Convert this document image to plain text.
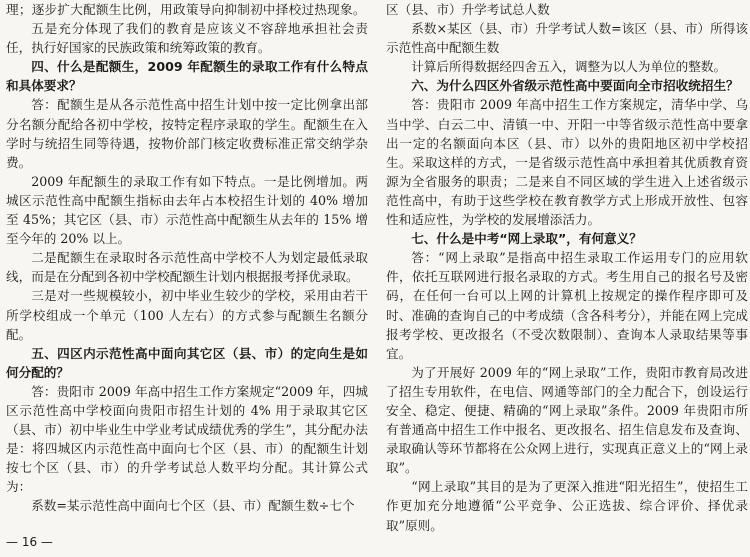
理；逐步扩大配额生比例，用政策导向抑制初中择校过热现象。

五是充分体现了我们的教育是应该义不容辞地承担社会责任，执行好国家的民族政策和统筹政策的教育。

四、什么是配额生，2009 年配额生的录取工作有什么特点和具体要求？

答：配额生是从各示范性高中招生计划中按一定比例拿出部分名额分配给各初中学校，按特定程序录取的学生。配额生在入学时与统招生同等待遇，按物价部门核定收费标准正常交纳学杂费。

2009 年配额生的录取工作有如下特点。一是比例增加。两城区示范性高中配额生指标由去年占本校招生计划的 40% 增加至 45%；其它区（县、市）示范性高中配额生从去年的 15% 增至今年的 20% 以上。

二是配额生在录取时各示范性高中学校不人为划定最低录取线，而是在分配到各初中学校配额生计划内根据报考择优录取。

三是对一些规模较小，初中毕业生较少的学校，采用由若干所学校组成一个单元（100 人左右）的方式参与配额生名额分配。

五、四区内示范性高中面向其它区（县、市）的定向生是如何分配的？

答：贵阳市 2009 年高中招生工作方案规定“2009 年，四城区示范性高中学校面向贵阳市招生计划的 4% 用于录取其它区（县、市）初中毕业生中学业考试成绩优秀的学生”，其分配办法是：将四城区内示范性高中面向七个区（县、市）的配额生计划按七个区（县、市）的升学考试总人数平均分配。其计算公式为：

系数=某示范性高中面向七个区（县、市）配额生数÷七个

区（县、市）升学考试总人数

系数×某区（县、市）升学考试人数=该区（县、市）所得该示范性高中配额生数

计算后所得数据经四舍五入，调整为以人为单位的整数。

六、为什么四区外省级示范性高中要面向全市招收统招生？

答：贵阳市 2009 年高中招生工作方案规定，清华中学、乌当中学、白云二中、清镇一中、开阳一中等省级示范性高中要拿出一定的名额面向本区（县、市）以外的贵阳地区初中学校招生。采取这样的方式，一是省级示范性高中承担着其优质教育资源为全省服务的职责；二是来自不同区域的学生进入上述省级示范性高中，有助于这些学校在教育教学方式上形成开放性、包容性和适应性，为学校的发展增添活力。

七、什么是中考“网上录取”，有何意义？

答：“网上录取”是指高中招生录取工作运用专门的应用软件，依托互联网进行报名录取的方式。考生用自己的报名号及密码，在任何一台可以上网的计算机上按规定的操作程序即可及时、准确的查询自己的中考成绩（含各科考分），并能在网上完成报考学校、更改报名（不受次数限制）、查询本人录取结果等事宜。

为了开展好 2009 年的“网上录取”工作，贵阳市教育局改进了招生专用软件，在电信、网通等部门的全力配合下，创设运行安全、稳定、便捷、精确的“网上录取”条件。2009 年贵阳市所有普通高中招生工作中报名、更改报名、招生信息发布及查询、录取确认等环节都将在公众网上进行，实现真正意义上的“网上录取”。

“网上录取”其目的是为了更深入推进“阳光招生”，使招生工作更加充分地遵循“公平竞争、公正选拔、综合评价、择优录取”原则。

— 16 —
